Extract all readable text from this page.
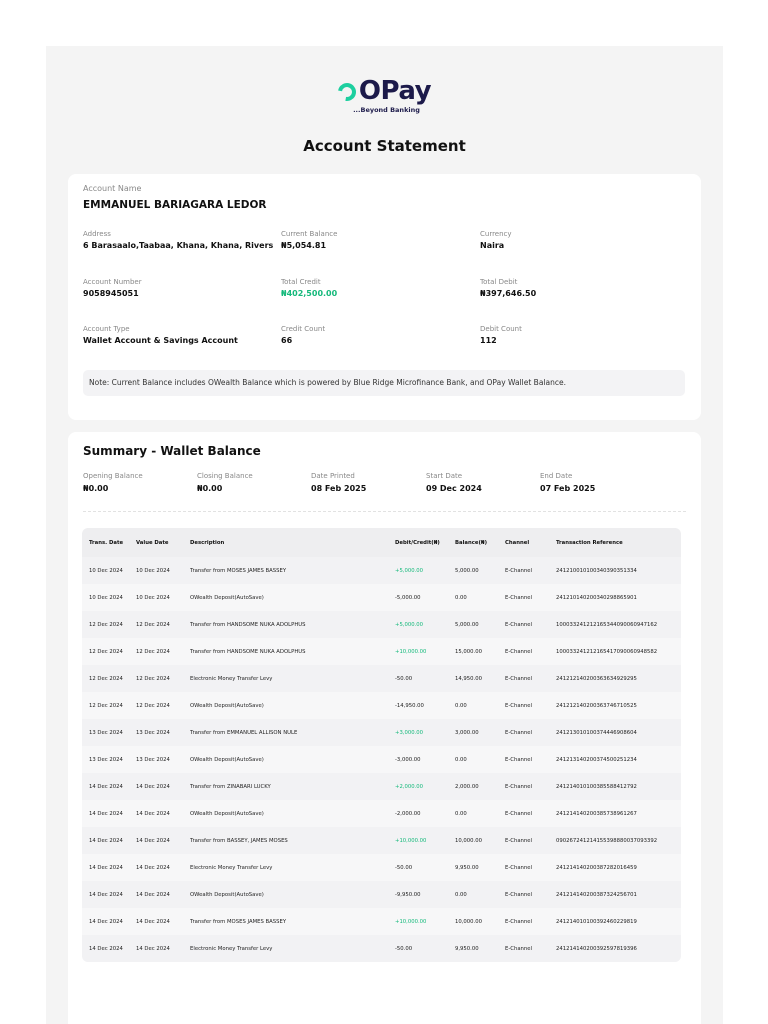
OPay
...Beyond Banking
Account Statement
Account Name
EMMANUEL BARIAGARA LEDOR
Address
6 Barasaalo,Taabaa, Khana, Khana, Rivers
Current Balance
₦5,054.81
Currency
Naira
Account Number
9058945051
Total Credit
₦402,500.00
Total Debit
₦397,646.50
Account Type
Wallet Account & Savings Account
Credit Count
66
Debit Count
112
Note: Current Balance includes OWealth Balance which is powered by Blue Ridge Microfinance Bank, and OPay Wallet Balance.
Summary - Wallet Balance
Opening Balance
₦0.00
Closing Balance
₦0.00
Date Printed
08 Feb 2025
Start Date
09 Dec 2024
End Date
07 Feb 2025
Trans. Date	Value Date	Description	Debit/Credit(₦)	Balance(₦)	Channel	Transaction Reference
10 Dec 2024	10 Dec 2024	Transfer from MOSES JAMES BASSEY	+5,000.00	5,000.00	E-Channel	241210010100340390351334
10 Dec 2024	10 Dec 2024	OWealth Deposit(AutoSave)	-5,000.00	0.00	E-Channel	241210140200340298865901
12 Dec 2024	12 Dec 2024	Transfer from HANDSOME NUKA ADOLPHUS	+5,000.00	5,000.00	E-Channel	100033241212165344090060947162
12 Dec 2024	12 Dec 2024	Transfer from HANDSOME NUKA ADOLPHUS	+10,000.00	15,000.00	E-Channel	100033241212165417090060948582
12 Dec 2024	12 Dec 2024	Electronic Money Transfer Levy	-50.00	14,950.00	E-Channel	241212140200363634929295
12 Dec 2024	12 Dec 2024	OWealth Deposit(AutoSave)	-14,950.00	0.00	E-Channel	241212140200363746710525
13 Dec 2024	13 Dec 2024	Transfer from EMMANUEL ALLISON NULE	+3,000.00	3,000.00	E-Channel	241213010100374446908604
13 Dec 2024	13 Dec 2024	OWealth Deposit(AutoSave)	-3,000.00	0.00	E-Channel	241213140200374500251234
14 Dec 2024	14 Dec 2024	Transfer from ZINABARI LUCKY	+2,000.00	2,000.00	E-Channel	241214010100385588412792
14 Dec 2024	14 Dec 2024	OWealth Deposit(AutoSave)	-2,000.00	0.00	E-Channel	241214140200385738961267
14 Dec 2024	14 Dec 2024	Transfer from BASSEY, JAMES MOSES	+10,000.00	10,000.00	E-Channel	090267241214155398880037093392
14 Dec 2024	14 Dec 2024	Electronic Money Transfer Levy	-50.00	9,950.00	E-Channel	241214140200387282016459
14 Dec 2024	14 Dec 2024	OWealth Deposit(AutoSave)	-9,950.00	0.00	E-Channel	241214140200387324256701
14 Dec 2024	14 Dec 2024	Transfer from MOSES JAMES BASSEY	+10,000.00	10,000.00	E-Channel	241214010100392460229819
14 Dec 2024	14 Dec 2024	Electronic Money Transfer Levy	-50.00	9,950.00	E-Channel	241214140200392597819396
